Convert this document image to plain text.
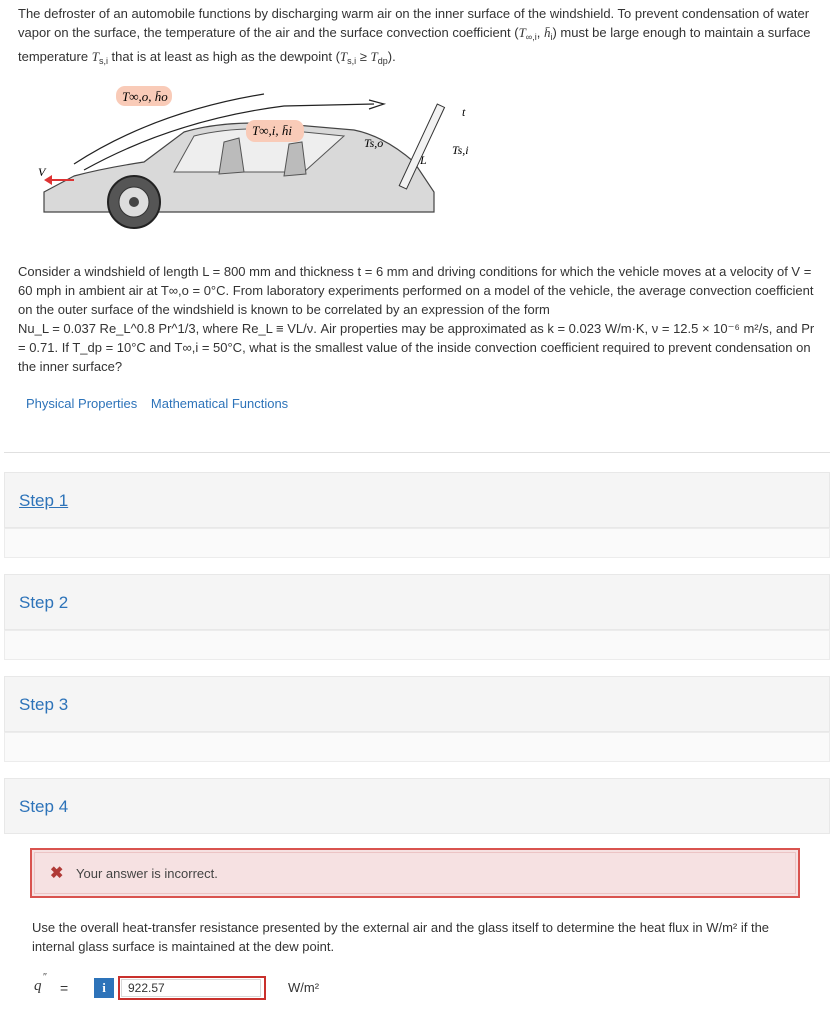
The defroster of an automobile functions by discharging warm air on the inner surface of the windshield. To prevent condensation of water vapor on the surface, the temperature of the air and the surface convection coefficient ($T_{\infty,i}$, $h̄_i$) must be large enough to maintain a surface temperature $T_{s,i}$ that is at least as high as the dewpoint $(T_{s,i} \ge T_{dp})$.
T∞,o, h̄o
T∞,i, h̄i
Ts,o	Ts,i
t
L
V
Consider a windshield of length L = 800 mm and thickness t = 6 mm and driving conditions for which the vehicle moves at a velocity of V = 60 mph in ambient air at T∞,o = 0°C. From laboratory experiments performed on a model of the vehicle, the average convection coefficient on the outer surface of the windshield is known to be correlated by an expression of the form
Nu_L = 0.037 Re_L^0.8 Pr^1/3, where Re_L ≡ VL/ν. Air properties may be approximated as k = 0.023 W/m·K, ν = 12.5 × 10⁻⁶ m²/s, and Pr = 0.71. If T_dp = 10°C and T∞,i = 50°C, what is the smallest value of the inside convection coefficient required to prevent condensation on the inner surface?
Physical Properties Mathematical Functions
Step 1
Step 2
Step 3
Step 4
✖ Your answer is incorrect.
Use the overall heat-transfer resistance presented by the external air and the glass itself to determine the heat flux in W/m² if the internal glass surface is maintained at the dew point.
q
″
=	i
922.57	W/m²
